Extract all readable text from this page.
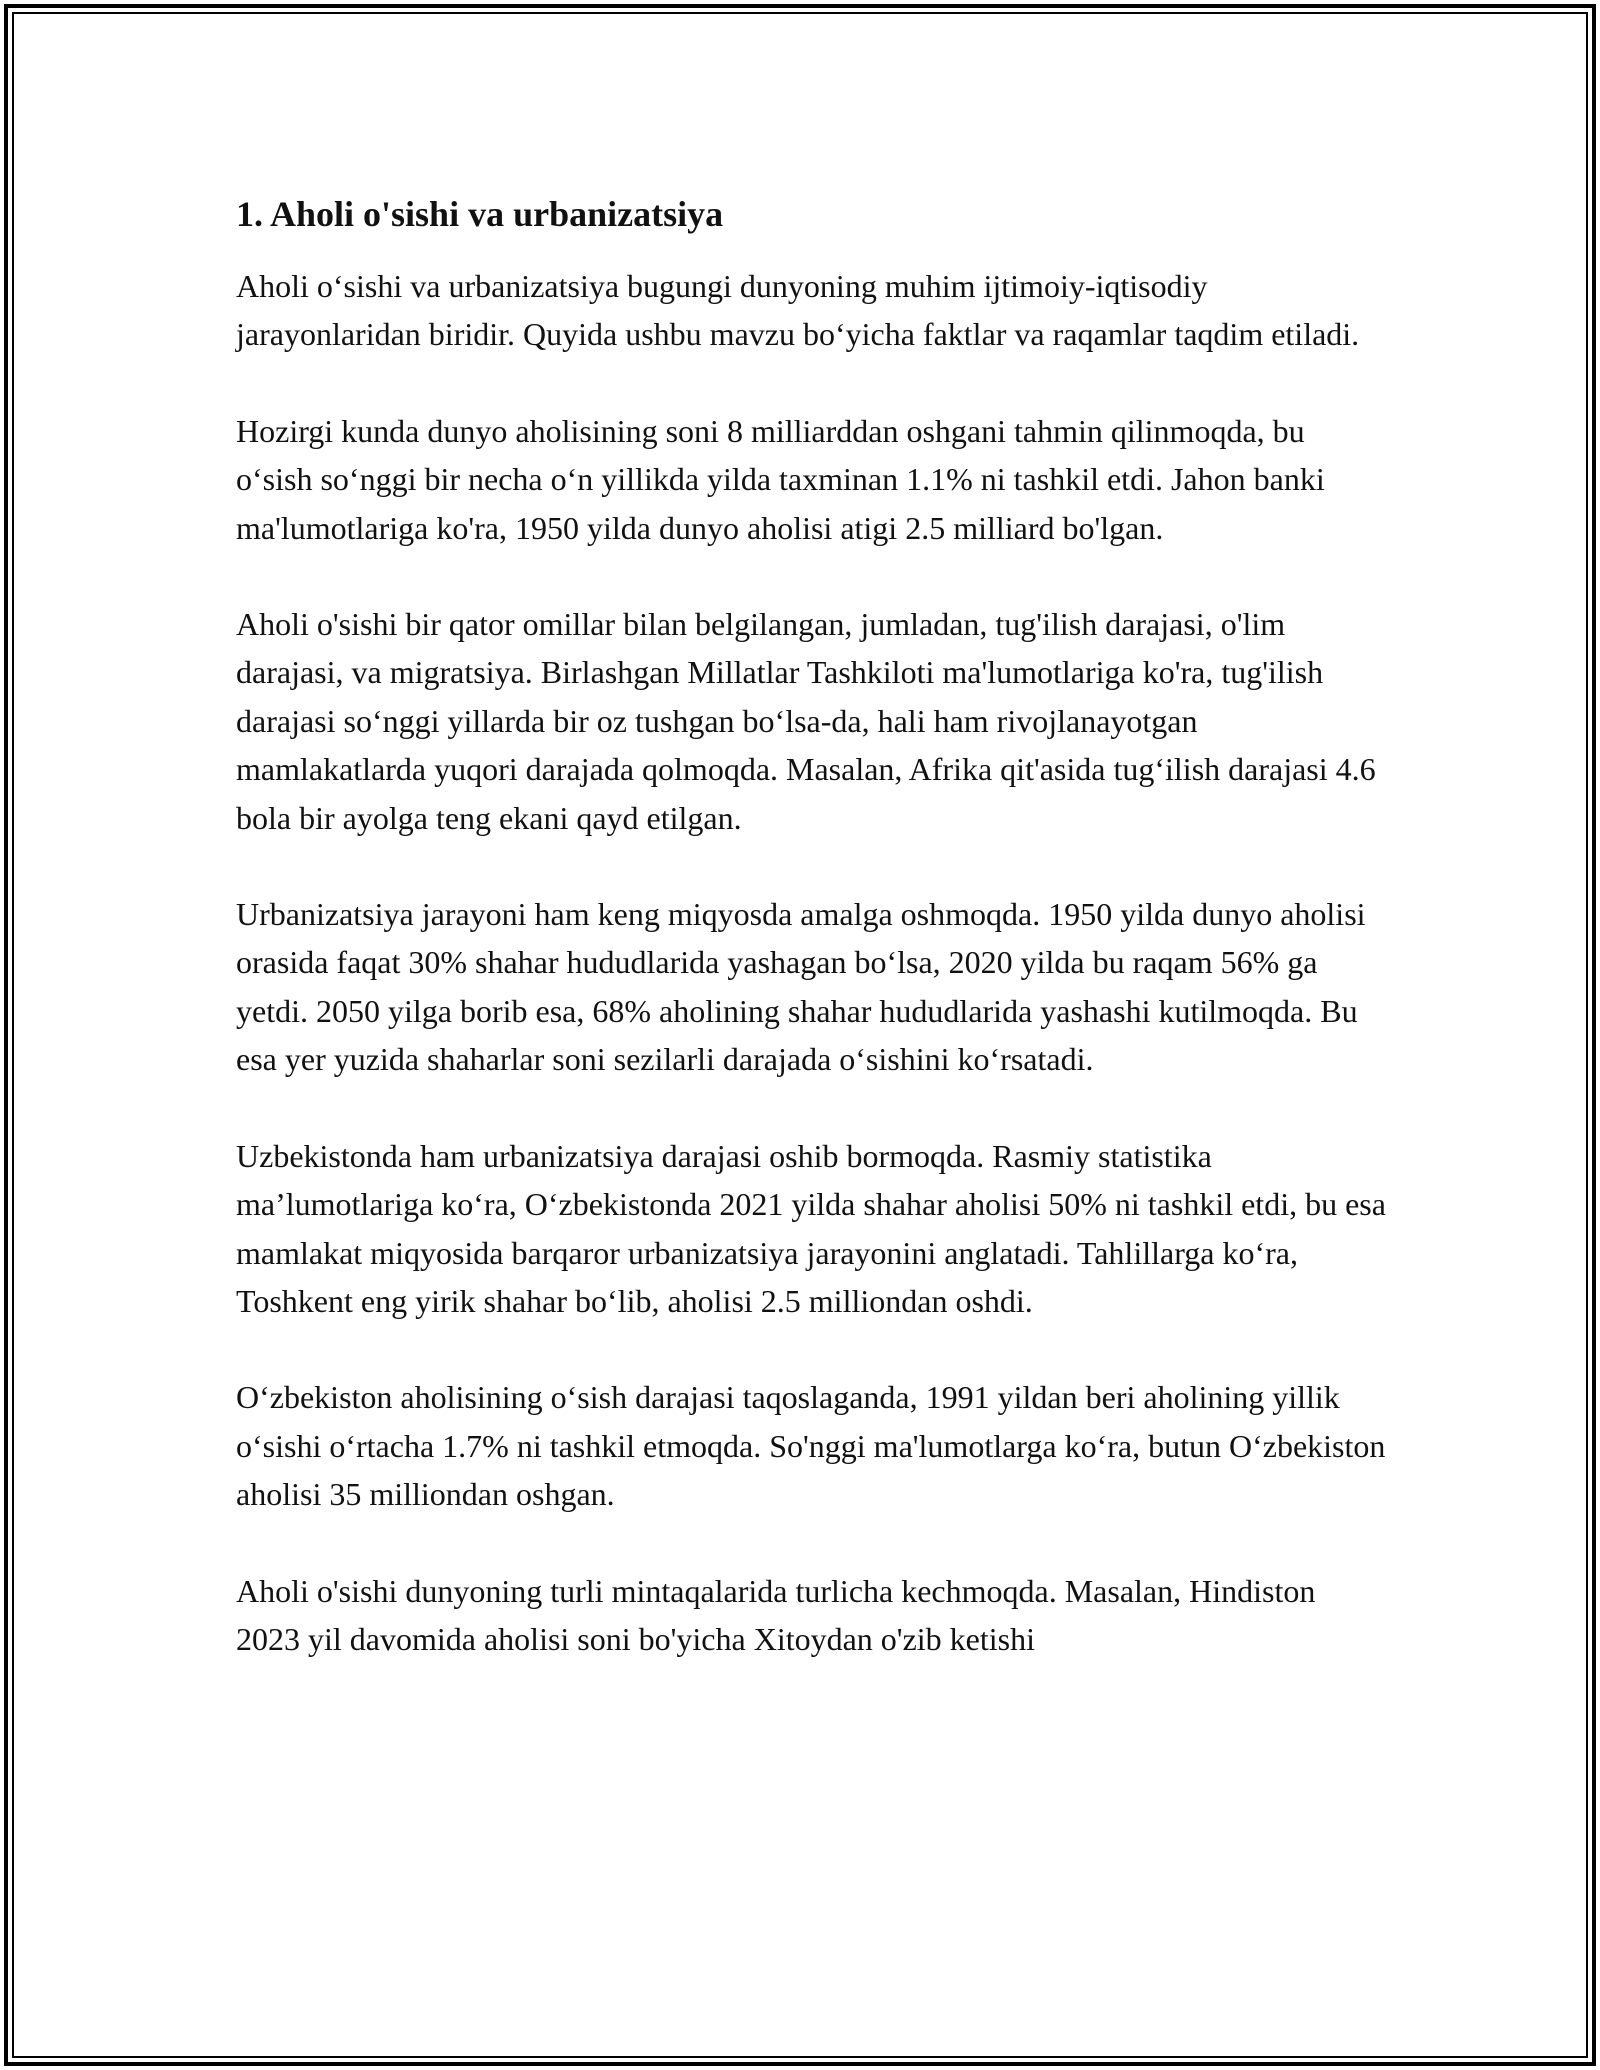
1. Aholi o'sishi va urbanizatsiya

Aholi o‘sishi va urbanizatsiya bugungi dunyoning muhim ijtimoiy-iqtisodiy jarayonlaridan biridir. Quyida ushbu mavzu bo‘yicha faktlar va raqamlar taqdim etiladi.

Hozirgi kunda dunyo aholisining soni 8 milliarddan oshgani tahmin qilinmoqda, bu o‘sish so‘nggi bir necha o‘n yillikda yilda taxminan 1.1% ni tashkil etdi. Jahon banki ma'lumotlariga ko'ra, 1950 yilda dunyo aholisi atigi 2.5 milliard bo'lgan.

Aholi o'sishi bir qator omillar bilan belgilangan, jumladan, tug'ilish darajasi, o'lim darajasi, va migratsiya. Birlashgan Millatlar Tashkiloti ma'lumotlariga ko'ra, tug'ilish darajasi so‘nggi yillarda bir oz tushgan bo‘lsa-da, hali ham rivojlanayotgan mamlakatlarda yuqori darajada qolmoqda. Masalan, Afrika qit'asida tug‘ilish darajasi 4.6 bola bir ayolga teng ekani qayd etilgan.

Urbanizatsiya jarayoni ham keng miqyosda amalga oshmoqda. 1950 yilda dunyo aholisi orasida faqat 30% shahar hududlarida yashagan bo‘lsa, 2020 yilda bu raqam 56% ga yetdi. 2050 yilga borib esa, 68% aholining shahar hududlarida yashashi kutilmoqda. Bu esa yer yuzida shaharlar soni sezilarli darajada o‘sishini ko‘rsatadi.

Uzbekistonda ham urbanizatsiya darajasi oshib bormoqda. Rasmiy statistika ma’lumotlariga ko‘ra, O‘zbekistonda 2021 yilda shahar aholisi 50% ni tashkil etdi, bu esa mamlakat miqyosida barqaror urbanizatsiya jarayonini anglatadi. Tahlillarga ko‘ra, Toshkent eng yirik shahar bo‘lib, aholisi 2.5 milliondan oshdi.

O‘zbekiston aholisining o‘sish darajasi taqoslaganda, 1991 yildan beri aholining yillik o‘sishi o‘rtacha 1.7% ni tashkil etmoqda. So'nggi ma'lumotlarga ko‘ra, butun O‘zbekiston aholisi 35 milliondan oshgan.

Aholi o'sishi dunyoning turli mintaqalarida turlicha kechmoqda. Masalan, Hindiston 2023 yil davomida aholisi soni bo'yicha Xitoydan o'zib ketishi
